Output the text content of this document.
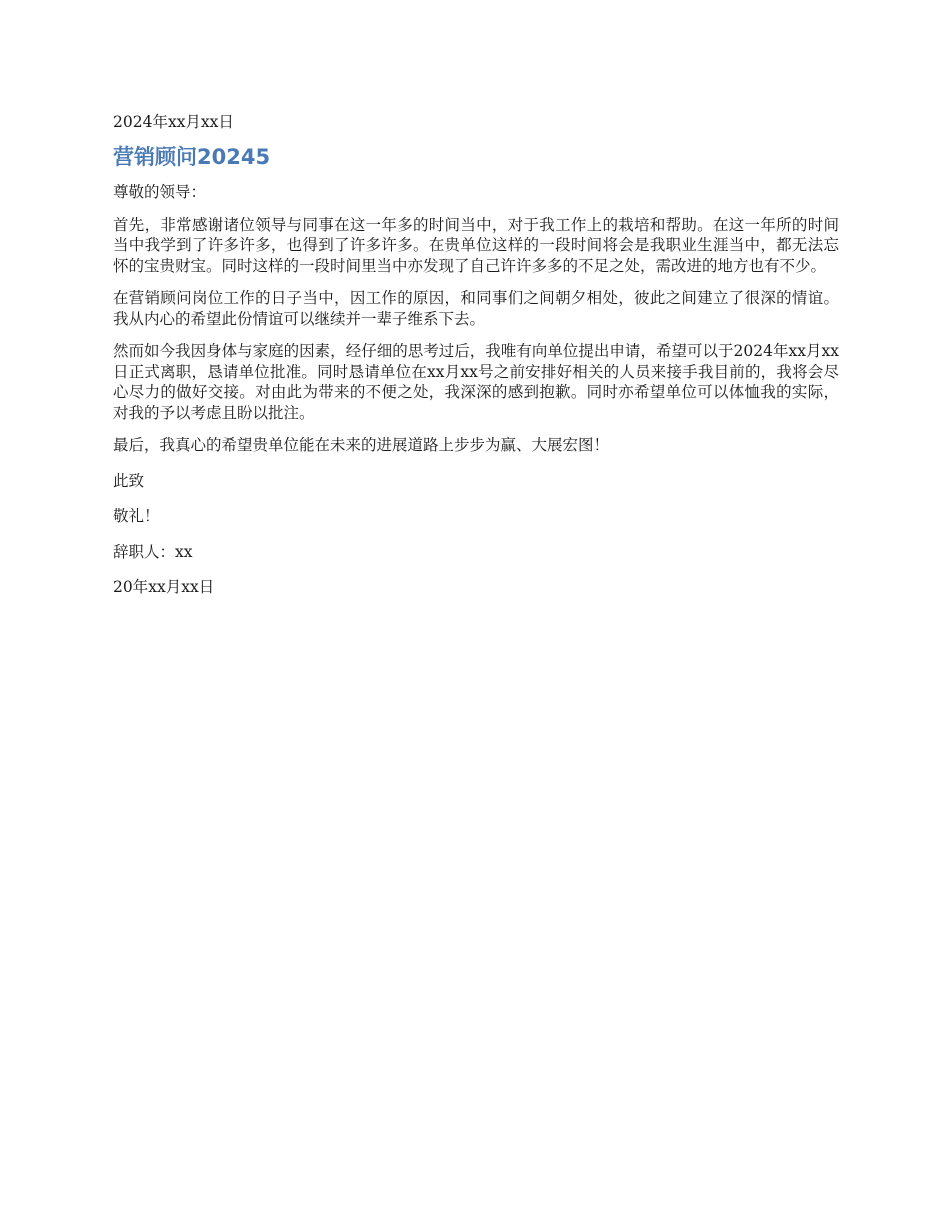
2024年xx月xx日

营销顾问20245

尊敬的领导：

首先，非常感谢诸位领导与同事在这一年多的时间当中，对于我工作上的栽培和帮助。在这一年所的时间当中我学到了许多许多，也得到了许多许多。在贵单位这样的一段时间将会是我职业生涯当中，都无法忘怀的宝贵财宝。同时这样的一段时间里当中亦发现了自己许许多多的不足之处，需改进的地方也有不少。

在营销顾问岗位工作的日子当中，因工作的原因，和同事们之间朝夕相处，彼此之间建立了很深的情谊。我从内心的希望此份情谊可以继续并一辈子维系下去。

然而如今我因身体与家庭的因素，经仔细的思考过后，我唯有向单位提出申请，希望可以于2024年xx月xx日正式离职，恳请单位批准。同时恳请单位在xx月xx号之前安排好相关的人员来接手我目前的，我将会尽心尽力的做好交接。对由此为带来的不便之处，我深深的感到抱歉。同时亦希望单位可以体恤我的实际，对我的予以考虑且盼以批注。

最后，我真心的希望贵单位能在未来的进展道路上步步为赢、大展宏图！

此致

敬礼！

辞职人：xx

20年xx月xx日
